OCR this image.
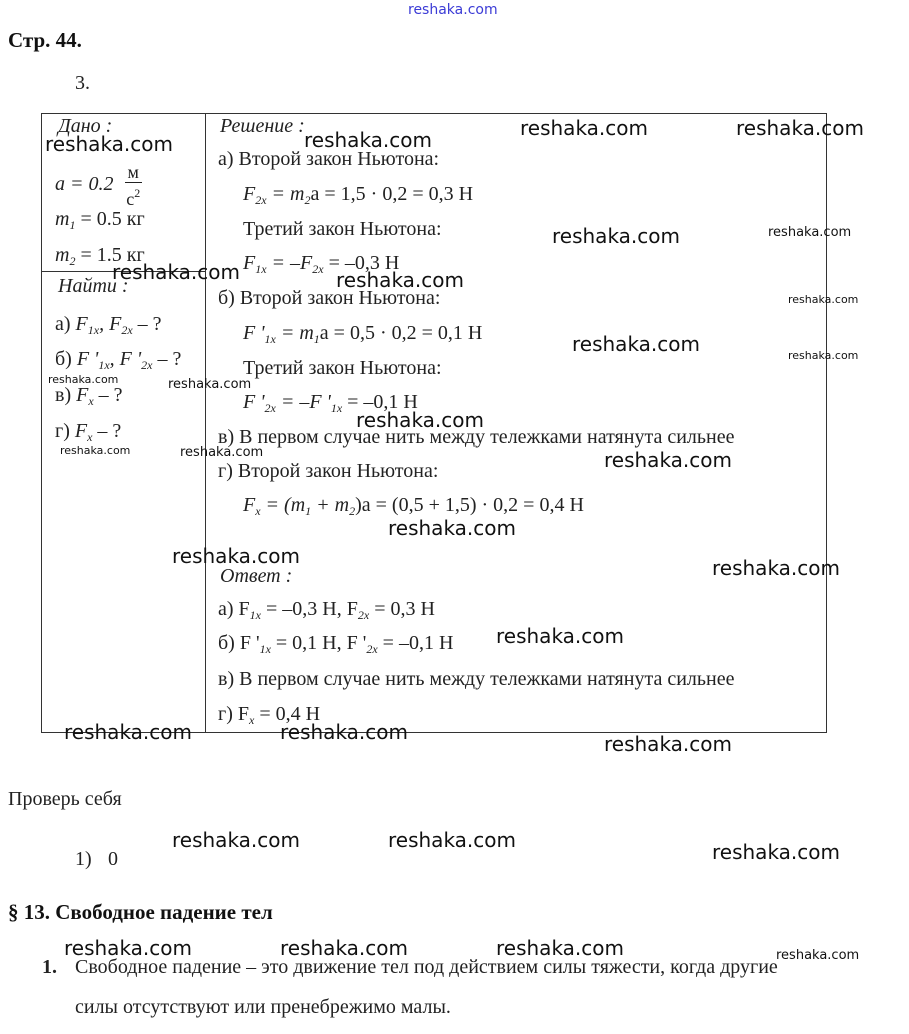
reshaka.com
Стр. 44.
3.
Дано :
$a = 0.2 \frac{м}{с^2}$
$m_1 = 0.5$ кг
$m_2 = 1.5$ кг
Найти :
а) $F_{1x}$, $F_{2x}$ – ?
б) F '$_{1x}$, F '$_{2x}$ – ?
в) $F_x$ – ?
г) $F_x$ – ?
Решение :
а) Второй закон Ньютона:
$F_{2x} = m_2a = 1,5 \cdot 0,2 = 0,3$ Н
Третий закон Ньютона:
$F_{1x} = -F_{2x} = -0,3$ Н
б) Второй закон Ньютона:
F '$_{1x} = m_1a = 0,5 \cdot 0,2 = 0,1$ Н
Третий закон Ньютона:
F '$_{2x} = -F$ '$_{1x} = -0,1$ Н
в) В первом случае нить между тележками натянута сильнее
г) Второй закон Ньютона:
$F_x = (m_1 + m_2)a = (0,5 + 1,5) \cdot 0,2 = 0,4$ Н
Ответ :
а) $F_{1x} = -0,3$ Н, $F_{2x} = 0,3$ Н
б) F '$_{1x} = 0,1$ Н, F '$_{2x} = -0,1$ Н
в) В первом случае нить между тележками натянута сильнее
г) $F_x = 0,4$ Н
Проверь себя
1) 0
§ 13. Свободное падение тел
1. Свободное падение – это движение тел под действием силы тяжести, когда другие
силы отсутствуют или пренебрежимо малы.
reshaka.com	reshaka.com	reshaka.com	reshaka.com
reshaka.com	reshaka.com
reshaka.com	reshaka.com
reshaka.com
reshaka.com	reshaka.com
reshaka.com	reshaka.com
reshaka.com
reshaka.com	reshaka.com	reshaka.com
reshaka.com
reshaka.com	reshaka.com
reshaka.com
reshaka.com	reshaka.com	reshaka.com
reshaka.com	reshaka.com	reshaka.com
reshaka.com	reshaka.com	reshaka.com	reshaka.com
